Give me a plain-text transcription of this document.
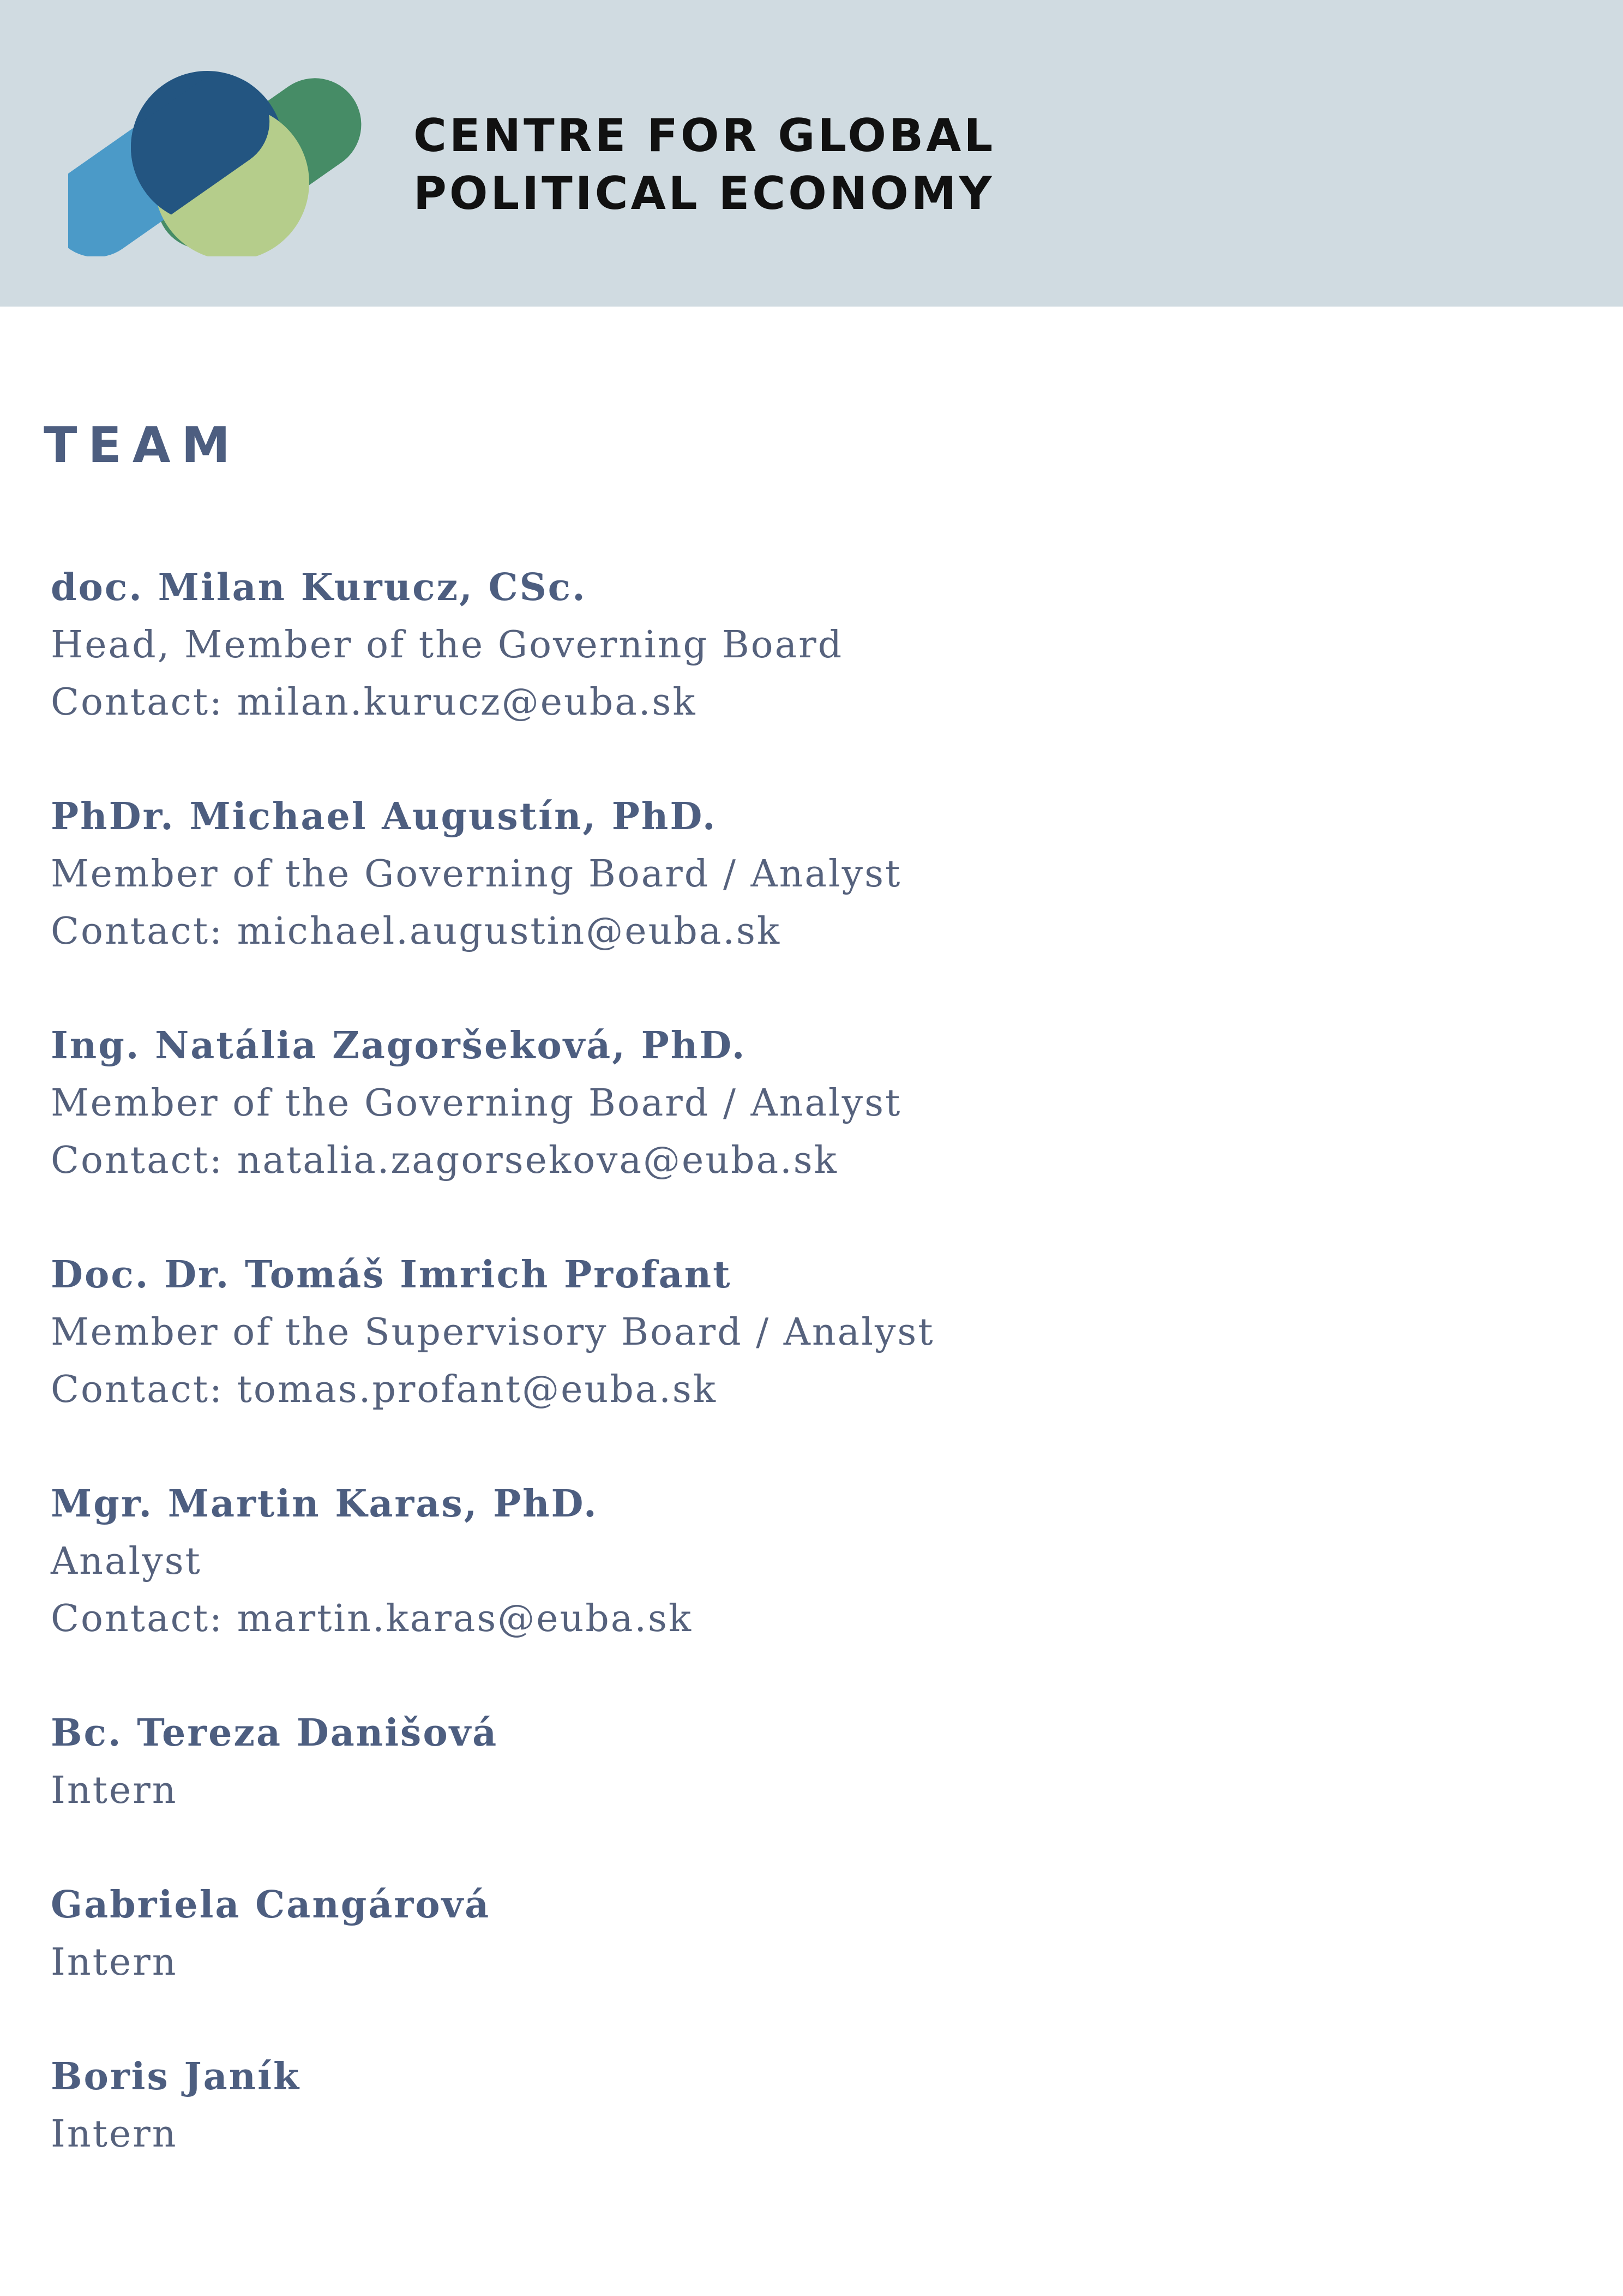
CENTRE FOR GLOBAL
POLITICAL ECONOMY
TEAM
doc. Milan Kurucz, CSc.
Head, Member of the Governing Board
Contact: milan.kurucz@euba.sk
PhDr. Michael Augustín, PhD.
Member of the Governing Board / Analyst
Contact: michael.augustin@euba.sk
Ing. Natália Zagoršeková, PhD.
Member of the Governing Board / Analyst
Contact: natalia.zagorsekova@euba.sk
Doc. Dr. Tomáš Imrich Profant
Member of the Supervisory Board / Analyst
Contact: tomas.profant@euba.sk
Mgr. Martin Karas, PhD.
Analyst
Contact: martin.karas@euba.sk
Bc. Tereza Danišová
Intern
Gabriela Cangárová
Intern
Boris Janík
Intern
